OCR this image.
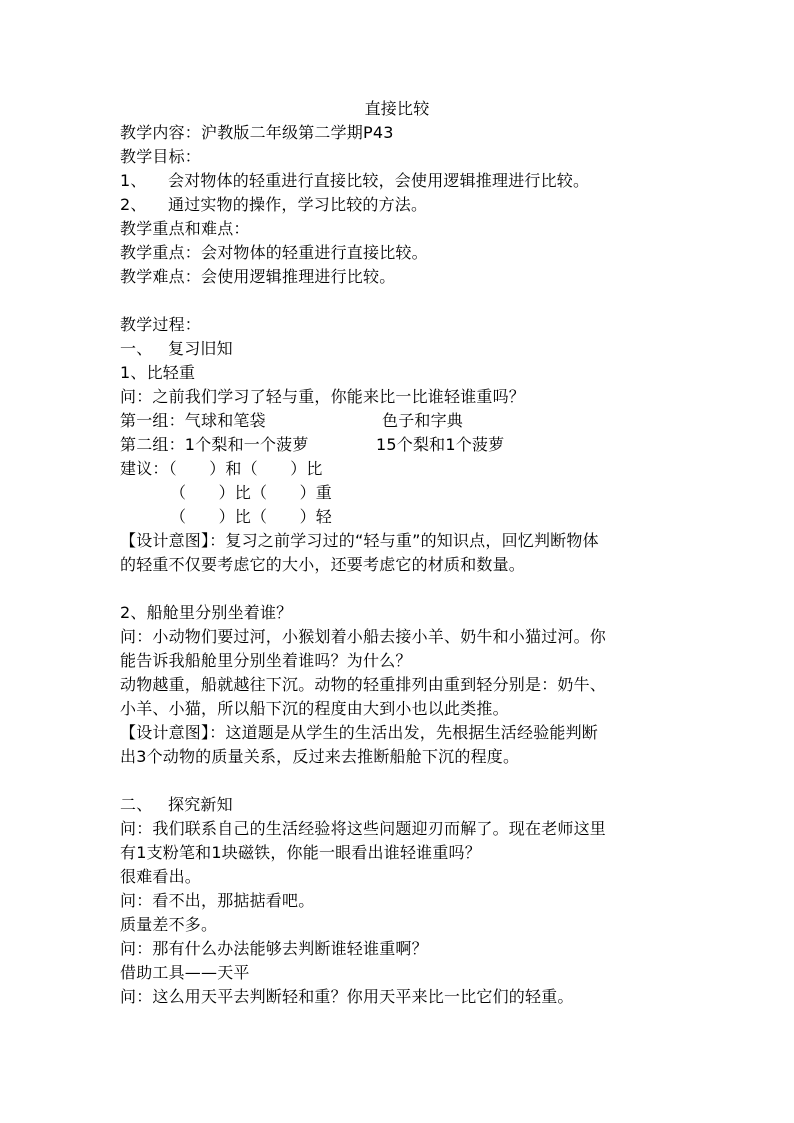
直接比较
教学内容：沪教版二年级第二学期P43
教学目标：
1、 会对物体的轻重进行直接比较，会使用逻辑推理进行比较。
2、 通过实物的操作，学习比较的方法。
教学重点和难点：
教学重点：会对物体的轻重进行直接比较。
教学难点：会使用逻辑推理进行比较。
教学过程：
一、 复习旧知
1、比轻重
问：之前我们学习了轻与重，你能来比一比谁轻谁重吗？
第一组：气球和笔袋	色子和字典
第二组：1个梨和一个菠萝	15个梨和1个菠萝
建议：（　　）和（　　）比
（　　）比（　　）重
（　　）比（　　）轻
【设计意图】：复习之前学习过的“轻与重”的知识点，回忆判断物体
的轻重不仅要考虑它的大小，还要考虑它的材质和数量。
2、船舱里分别坐着谁？
问：小动物们要过河，小猴划着小船去接小羊、奶牛和小猫过河。你
能告诉我船舱里分别坐着谁吗？为什么？
动物越重，船就越往下沉。动物的轻重排列由重到轻分别是：奶牛、
小羊、小猫，所以船下沉的程度由大到小也以此类推。
【设计意图】：这道题是从学生的生活出发，先根据生活经验能判断
出3个动物的质量关系，反过来去推断船舱下沉的程度。
二、 探究新知
问：我们联系自己的生活经验将这些问题迎刃而解了。现在老师这里
有1支粉笔和1块磁铁，你能一眼看出谁轻谁重吗？
很难看出。
问：看不出，那掂掂看吧。
质量差不多。
问：那有什么办法能够去判断谁轻谁重啊？
借助工具——天平
问：这么用天平去判断轻和重？你用天平来比一比它们的轻重。
